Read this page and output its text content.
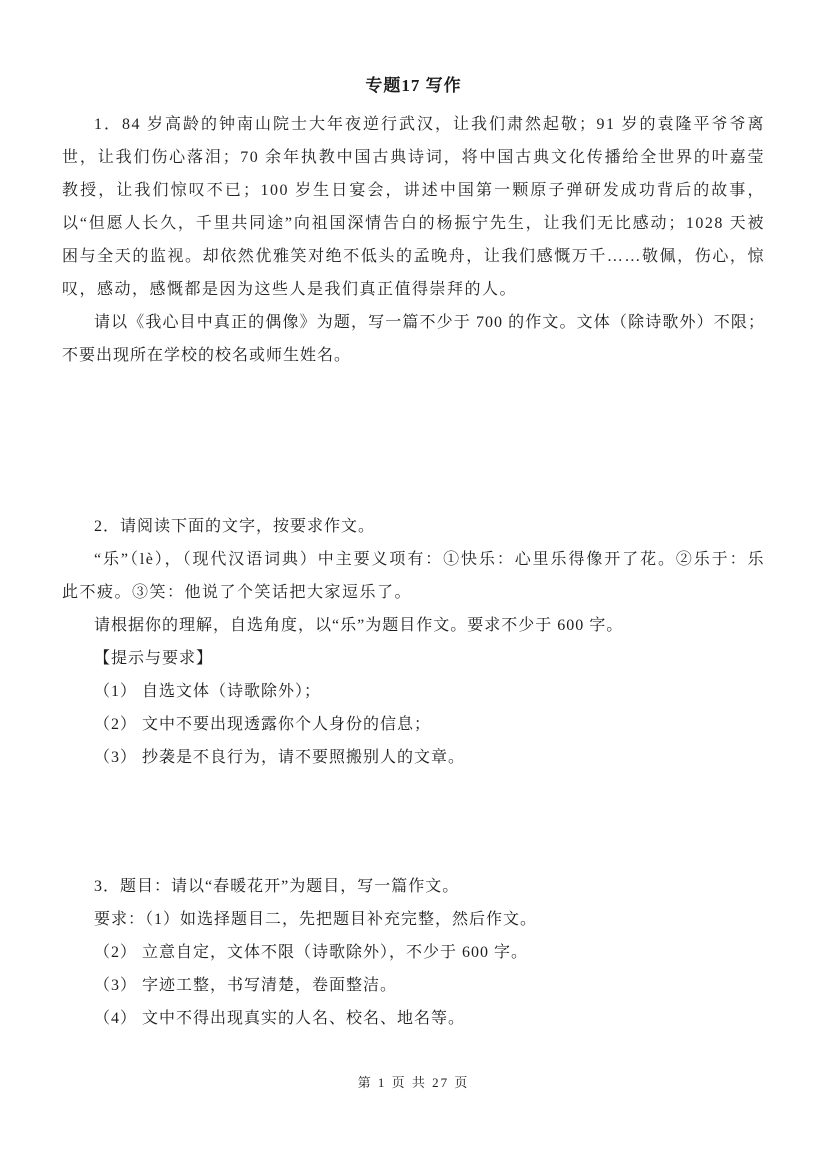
专题17 写作

1．84 岁高龄的钟南山院士大年夜逆行武汉，让我们肃然起敬；91 岁的袁隆平爷爷离世，让我们伤心落泪；70 余年执教中国古典诗词，将中国古典文化传播给全世界的叶嘉莹教授，让我们惊叹不已；100 岁生日宴会，讲述中国第一颗原子弹研发成功背后的故事，以“但愿人长久，千里共同途”向祖国深情告白的杨振宁先生，让我们无比感动；1028 天被困与全天的监视。却依然优雅笑对绝不低头的孟晚舟，让我们感慨万千……敬佩，伤心，惊叹，感动，感慨都是因为这些人是我们真正值得崇拜的人。

请以《我心目中真正的偶像》为题，写一篇不少于 700 的作文。文体（除诗歌外）不限；不要出现所在学校的校名或师生姓名。

2．请阅读下面的文字，按要求作文。

“乐”（lè），（现代汉语词典）中主要义项有：①快乐：心里乐得像开了花。②乐于：乐此不疲。③笑：他说了个笑话把大家逗乐了。

请根据你的理解，自选角度，以“乐”为题目作文。要求不少于 600 字。

【提示与要求】

（1） 自选文体（诗歌除外）；

（2） 文中不要出现透露你个人身份的信息；

（3） 抄袭是不良行为，请不要照搬别人的文章。

3．题目：请以“春暖花开”为题目，写一篇作文。

要求：（1）如选择题目二，先把题目补充完整，然后作文。

（2） 立意自定，文体不限（诗歌除外），不少于 600 字。

（3） 字迹工整，书写清楚，卷面整洁。

（4） 文中不得出现真实的人名、校名、地名等。

第 1 页 共 27 页
